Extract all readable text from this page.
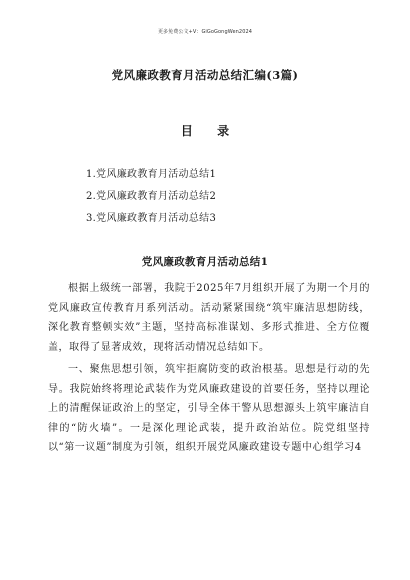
更多免费公文+V：GiGoGongWen2024
党风廉政教育月活动总结汇编(3篇)
目 录
1.党风廉政教育月活动总结1
2.党风廉政教育月活动总结2
3.党风廉政教育月活动总结3
党风廉政教育月活动总结1

根据上级统一部署，我院于2025年7月组织开展了为期一个月的党风廉政宣传教育月系列活动。活动紧紧围绕“筑牢廉洁思想防线，深化教育整顿实效”主题，坚持高标准谋划、多形式推进、全方位覆盖，取得了显著成效，现将活动情况总结如下。

一、聚焦思想引领，筑牢拒腐防变的政治根基。思想是行动的先导。我院始终将理论武装作为党风廉政建设的首要任务，坚持以理论上的清醒保证政治上的坚定，引导全体干警从思想源头上筑牢廉洁自律的“防火墙”。一是深化理论武装，提升政治站位。院党组坚持以“第一议题”制度为引领，组织开展党风廉政建设专题中心组学习4
